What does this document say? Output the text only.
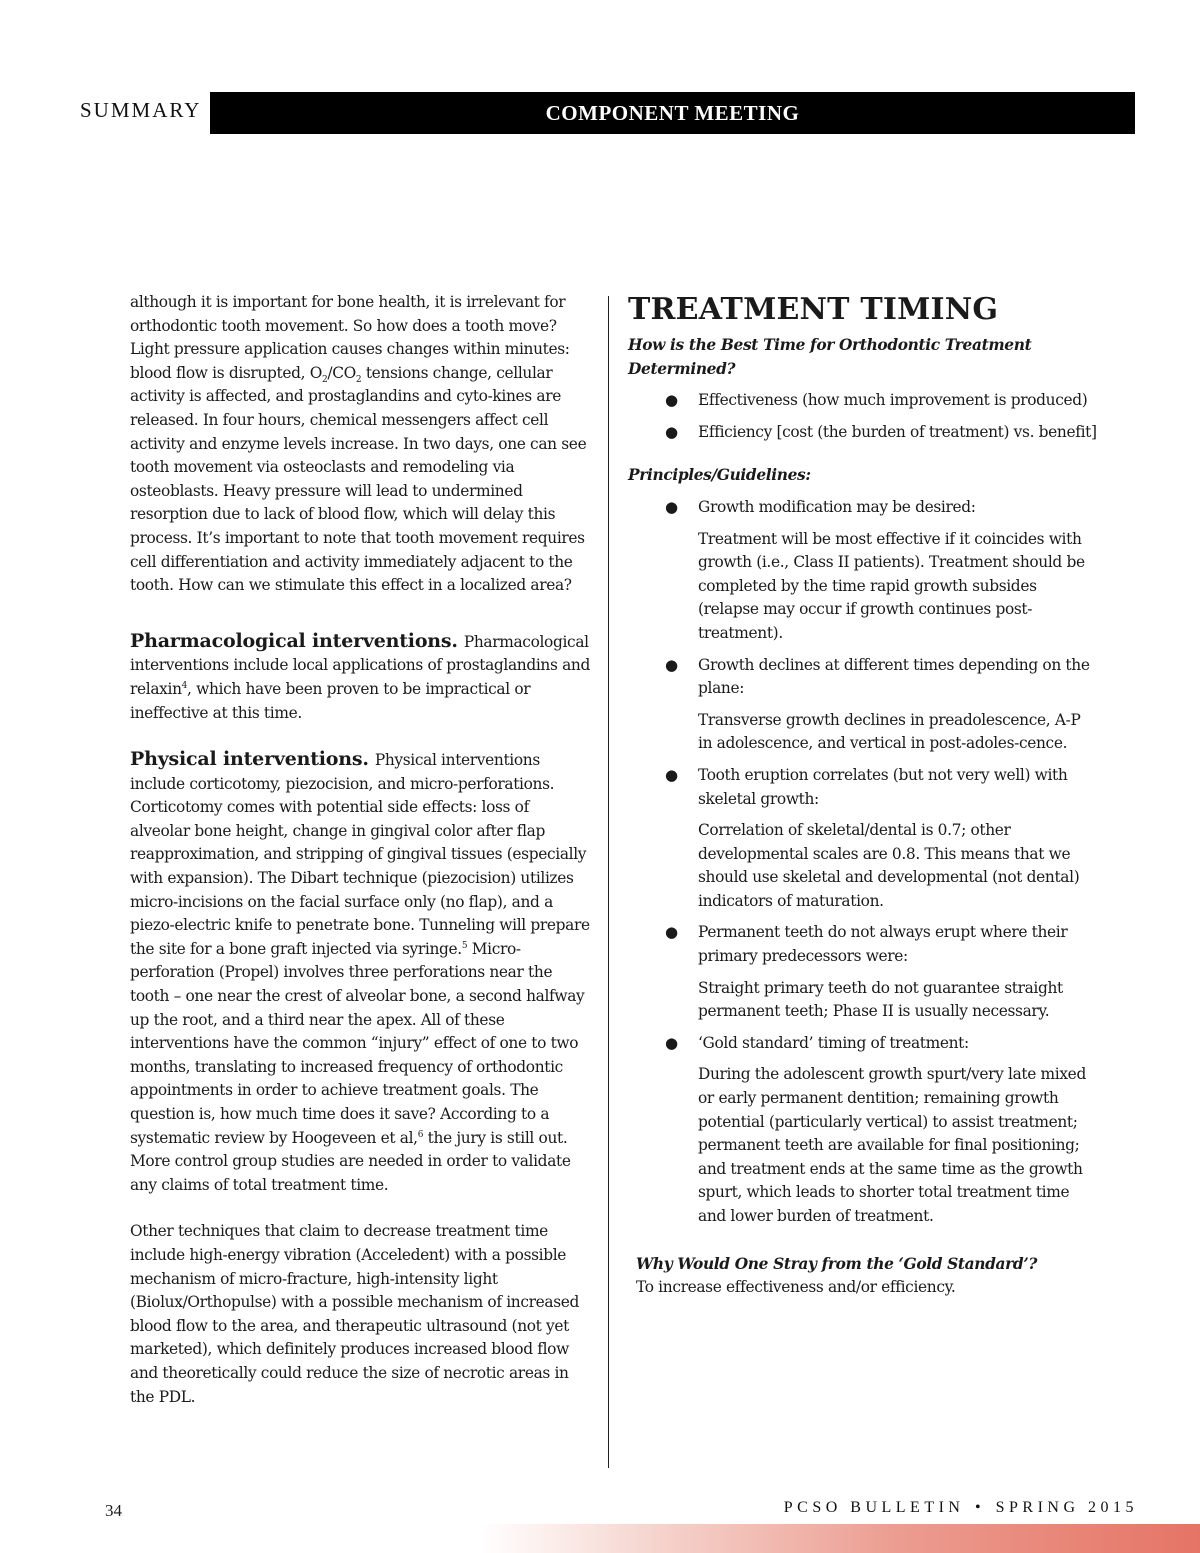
SUMMARY	COMPONENT MEETING

although it is important for bone health, it is irrelevant for orthodontic tooth movement. So how does a tooth move? Light pressure application causes changes within minutes: blood flow is disrupted, $O_2/CO_2$ tensions change, cellular activity is affected, and prostaglandins and cyto-kines are released. In four hours, chemical messengers affect cell activity and enzyme levels increase. In two days, one can see tooth movement via osteoclasts and remodeling via osteoblasts. Heavy pressure will lead to undermined resorption due to lack of blood flow, which will delay this process. It’s important to note that tooth movement requires cell differentiation and activity immediately adjacent to the tooth. How can we stimulate this effect in a localized area?

Pharmacological interventions. Pharmacological interventions include local applications of prostaglandins and relaxin$^4$, which have been proven to be impractical or ineffective at this time.

Physical interventions. Physical interventions include corticotomy, piezocision, and micro-perforations. Corticotomy comes with potential side effects: loss of alveolar bone height, change in gingival color after flap reapproximation, and stripping of gingival tissues (especially with expansion). The Dibart technique (piezocision) utilizes micro-incisions on the facial surface only (no flap), and a piezo-electric knife to penetrate bone. Tunneling will prepare the site for a bone graft injected via syringe.$^5$ Micro-perforation (Propel) involves three perforations near the tooth – one near the crest of alveolar bone, a second halfway up the root, and a third near the apex. All of these interventions have the common “injury” effect of one to two months, translating to increased frequency of orthodontic appointments in order to achieve treatment goals. The question is, how much time does it save? According to a systematic review by Hoogeveen et al,$^6$ the jury is still out. More control group studies are needed in order to validate any claims of total treatment time.

Other techniques that claim to decrease treatment time include high-energy vibration (Acceledent) with a possible mechanism of micro-fracture, high-intensity light (Biolux/Orthopulse) with a possible mechanism of increased blood flow to the area, and therapeutic ultrasound (not yet marketed), which definitely produces increased blood flow and theoretically could reduce the size of necrotic areas in the PDL.

TREATMENT TIMING
How is the Best Time for Orthodontic Treatment Determined?
● Effectiveness (how much improvement is produced)
● Efficiency [cost (the burden of treatment) vs. benefit]
Principles/Guidelines:
● Growth modification may be desired:
Treatment will be most effective if it coincides with growth (i.e., Class II patients). Treatment should be completed by the time rapid growth subsides (relapse may occur if growth continues post-treatment).
● Growth declines at different times depending on the plane:
Transverse growth declines in preadolescence, A-P in adolescence, and vertical in post-adoles-cence.
● Tooth eruption correlates (but not very well) with skeletal growth:
Correlation of skeletal/dental is 0.7; other developmental scales are 0.8. This means that we should use skeletal and developmental (not dental) indicators of maturation.
● Permanent teeth do not always erupt where their primary predecessors were:
Straight primary teeth do not guarantee straight permanent teeth; Phase II is usually necessary.
● ‘Gold standard’ timing of treatment:
During the adolescent growth spurt/very late mixed or early permanent dentition; remaining growth potential (particularly vertical) to assist treatment; permanent teeth are available for final positioning; and treatment ends at the same time as the growth spurt, which leads to shorter total treatment time and lower burden of treatment.
Why Would One Stray from the ‘Gold Standard’?
To increase effectiveness and/or efficiency.
34	PCSO BULLETIN • SPRING 2015
